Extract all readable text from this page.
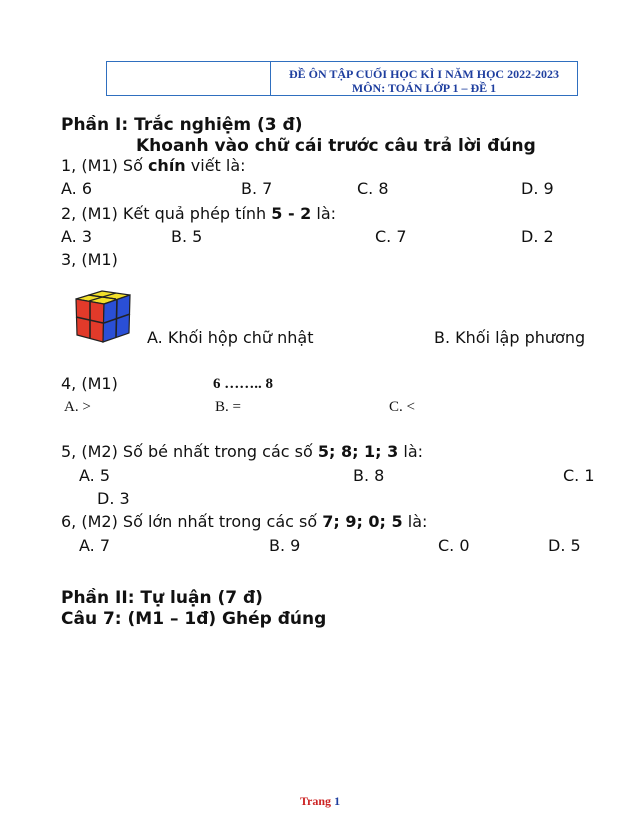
ĐỀ ÔN TẬP CUỐI HỌC KÌ I NĂM HỌC 2022-2023
MÔN: TOÁN LỚP 1 – ĐỀ 1
Phần I: Trắc nghiệm (3 đ)
Khoanh vào chữ cái trước câu trả lời đúng
1, (M1) Số chín viết là:
A. 6	B. 7	C. 8	D. 9
2, (M1) Kết quả phép tính 5 - 2 là:
A. 3	B. 5	C. 7	D. 2
3, (M1)
A. Khối hộp chữ nhật	B. Khối lập phương
4, (M1)	6 …….. 8
A. >	B. =	C. <
5, (M2) Số bé nhất trong các số 5; 8; 1; 3 là:
A. 5	B. 8	C. 1
D. 3
6, (M2) Số lớn nhất trong các số 7; 9; 0; 5 là:
A. 7	B. 9	C. 0	D. 5
Phần II: Tự luận (7 đ)
Câu 7: (M1 – 1đ) Ghép đúng
Trang 1
